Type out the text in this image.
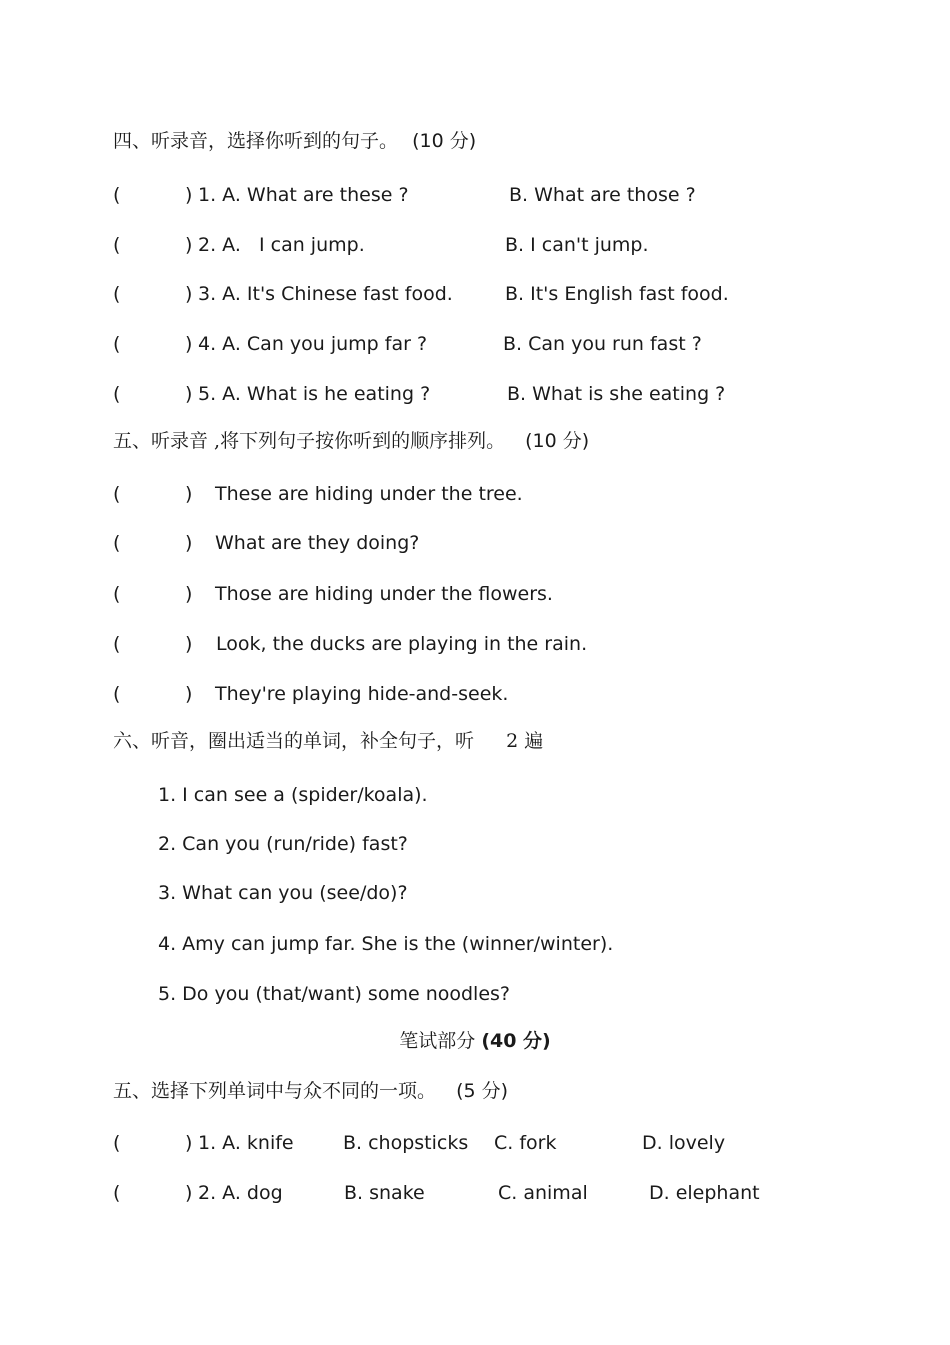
四、听录音，选择你听到的句子。 (10 分)
(	) 1. A. What are these ?	B. What are those ?
(	) 2. A.   I can jump.	B. I can't jump.
(	) 3. A. It's Chinese fast food.	B. It's English fast food.
(	) 4. A. Can you jump far ?	B. Can you run fast ?
(	) 5. A. What is he eating ?	B. What is she eating ?
五、听录音 ,将下列句子按你听到的顺序排列。 (10 分)
(	) These are hiding under the tree.
(	) What are they doing?
(	) Those are hiding under the flowers.
(	) Look, the ducks are playing in the rain.
(	) They're playing hide-and-seek.
六、听音，圈出适当的单词，补全句子，听 2 遍
1. I can see a (spider/koala).
2. Can you (run/ride) fast?
3. What can you (see/do)?
4. Amy can jump far. She is the (winner/winter).
5. Do you (that/want) some noodles?
笔试部分 (40 分)
五、选择下列单词中与众不同的一项。 (5 分)
(	) 1. A. knife	B. chopsticks C. fork	D. lovely
(	) 2. A. dog	B. snake	C. animal	D. elephant
